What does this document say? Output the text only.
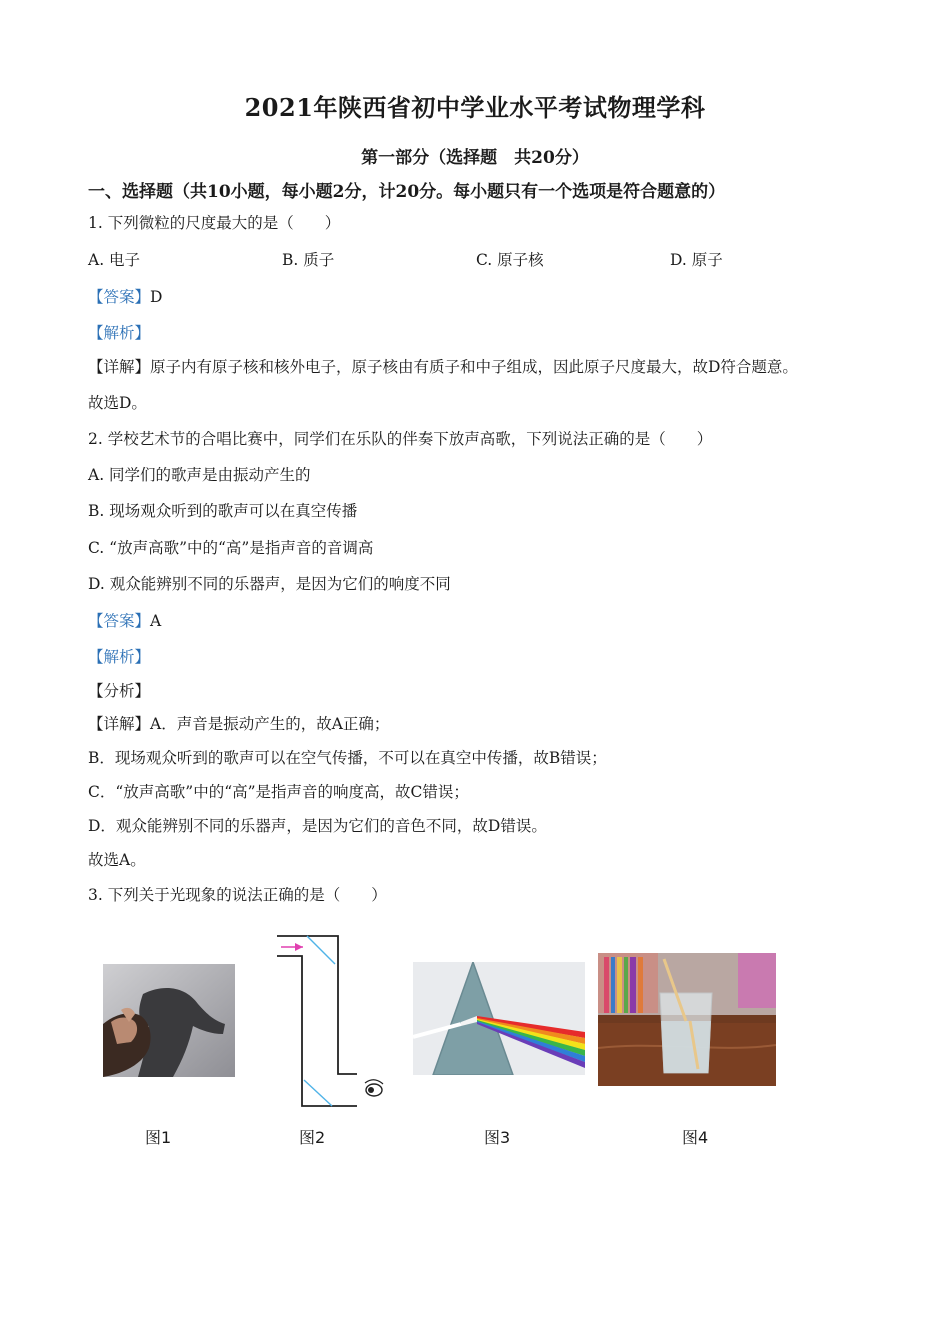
2021年陕西省初中学业水平考试物理学科
第一部分（选择题　共20分）
一、选择题（共10小题，每小题2分，计20分。每小题只有一个选项是符合题意的）
1. 下列微粒的尺度最大的是（　　）
A. 电子	B. 质子	C. 原子核	D. 原子
【答案】D
【解析】
【详解】原子内有原子核和核外电子，原子核由有质子和中子组成，因此原子尺度最大，故D符合题意。
故选D。
2. 学校艺术节的合唱比赛中，同学们在乐队的伴奏下放声高歌，下列说法正确的是（　　）
A. 同学们的歌声是由振动产生的
B. 现场观众听到的歌声可以在真空传播
C. “放声高歌”中的“高”是指声音的音调高
D. 观众能辨别不同的乐器声，是因为它们的响度不同
【答案】A
【解析】
【分析】
【详解】A．声音是振动产生的，故A正确；
B．现场观众听到的歌声可以在空气传播，不可以在真空中传播，故B错误；
C．“放声高歌”中的“高”是指声音的响度高，故C错误；
D．观众能辨别不同的乐器声，是因为它们的音色不同，故D错误。
故选A。
3. 下列关于光现象的说法正确的是（　　）
图1	图2	图3	图4
